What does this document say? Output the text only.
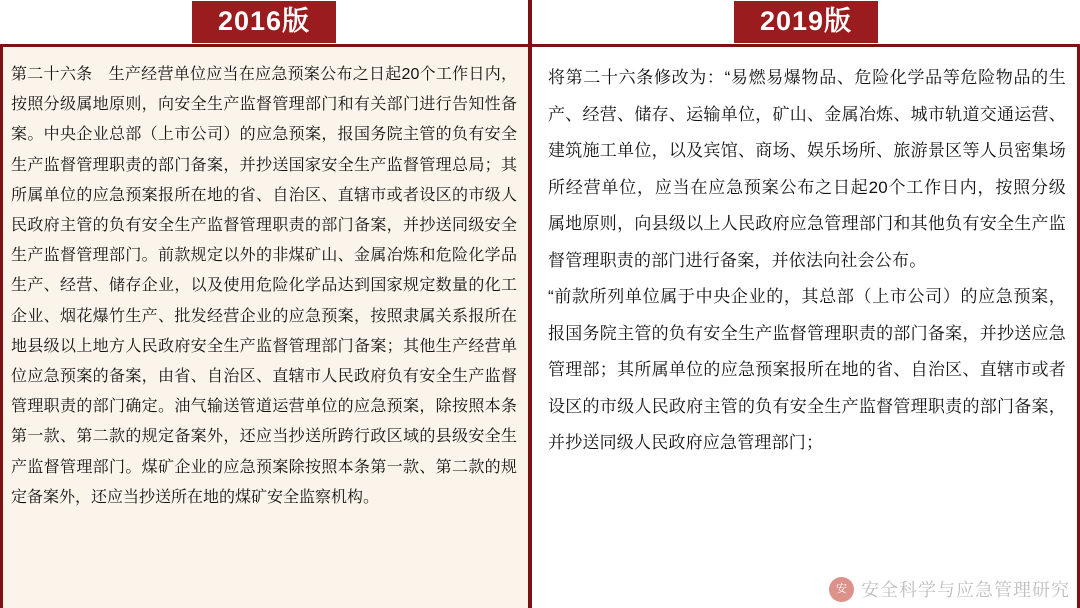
2016版

第二十六条　生产经营单位应当在应急预案公布之日起20个工作日内，按照分级属地原则，向安全生产监督管理部门和有关部门进行告知性备案。中央企业总部（上市公司）的应急预案，报国务院主管的负有安全生产监督管理职责的部门备案，并抄送国家安全生产监督管理总局；其所属单位的应急预案报所在地的省、自治区、直辖市或者设区的市级人民政府主管的负有安全生产监督管理职责的部门备案，并抄送同级安全生产监督管理部门。前款规定以外的非煤矿山、金属冶炼和危险化学品生产、经营、储存企业，以及使用危险化学品达到国家规定数量的化工企业、烟花爆竹生产、批发经营企业的应急预案，按照隶属关系报所在地县级以上地方人民政府安全生产监督管理部门备案；其他生产经营单位应急预案的备案，由省、自治区、直辖市人民政府负有安全生产监督管理职责的部门确定。油气输送管道运营单位的应急预案，除按照本条第一款、第二款的规定备案外，还应当抄送所跨行政区域的县级安全生产监督管理部门。煤矿企业的应急预案除按照本条第一款、第二款的规定备案外，还应当抄送所在地的煤矿安全监察机构。

2019版

将第二十六条修改为：“易燃易爆物品、危险化学品等危险物品的生产、经营、储存、运输单位，矿山、金属冶炼、城市轨道交通运营、建筑施工单位，以及宾馆、商场、娱乐场所、旅游景区等人员密集场所经营单位，应当在应急预案公布之日起20个工作日内，按照分级属地原则，向县级以上人民政府应急管理部门和其他负有安全生产监督管理职责的部门进行备案，并依法向社会公布。

“前款所列单位属于中央企业的，其总部（上市公司）的应急预案，报国务院主管的负有安全生产监督管理职责的部门备案，并抄送应急管理部；其所属单位的应急预案报所在地的省、自治区、直辖市或者设区的市级人民政府主管的负有安全生产监督管理职责的部门备案，并抄送同级人民政府应急管理部门；

安 安全科学与应急管理研究
